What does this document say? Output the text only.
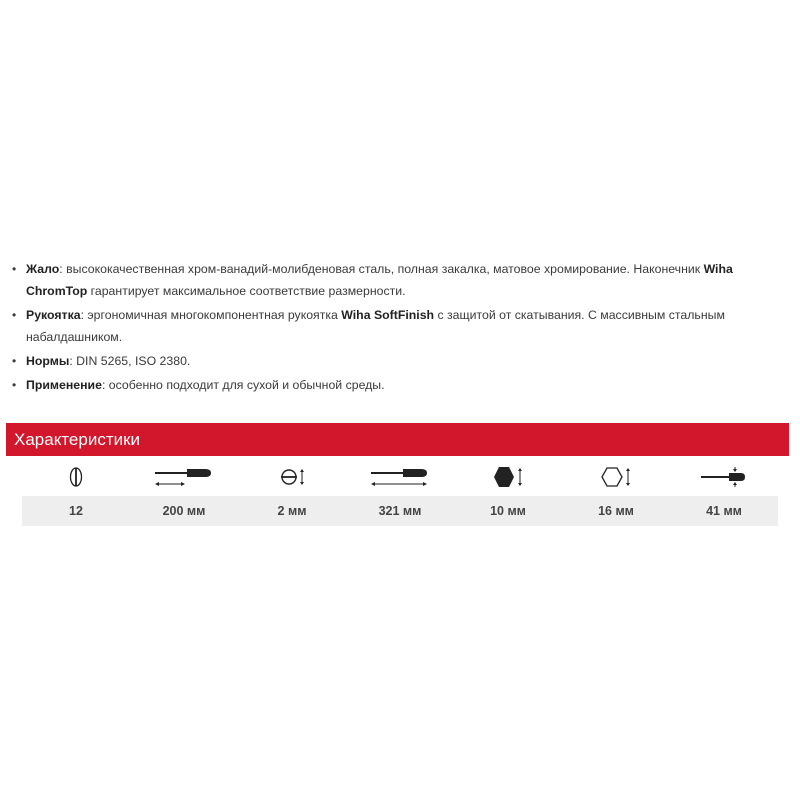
• Жало: высококачественная хром-ванадий-молибденовая сталь, полная закалка, матовое хромирование. Наконечник Wiha ChromTop гарантирует максимальное соответствие размерности.
• Рукоятка: эргономичная многокомпонентная рукоятка Wiha SoftFinish с защитой от скатывания. С массивным стальным набалдашником.
• Нормы: DIN 5265, ISO 2380.
• Применение: особенно подходит для сухой и обычной среды.
Характеристики
12	200 мм	2 мм	321 мм	10 мм	16 мм	41 мм
